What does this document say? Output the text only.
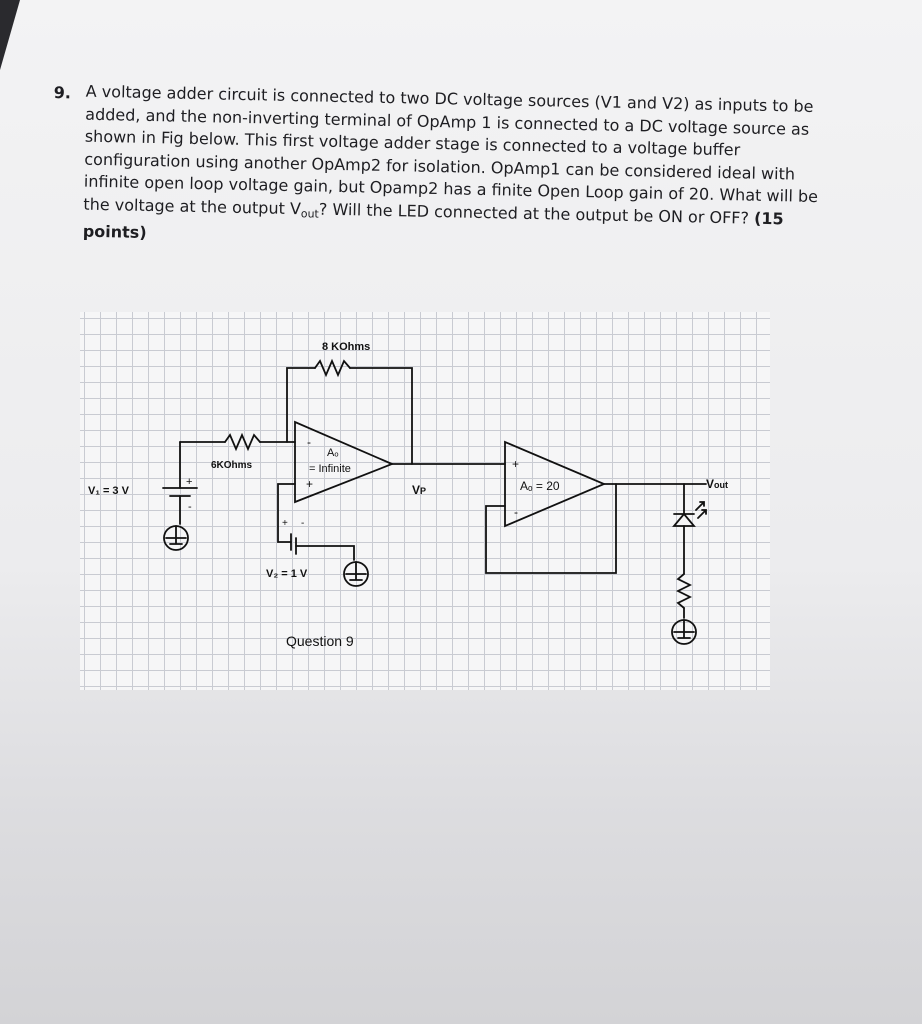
9. A voltage adder circuit is connected to two DC voltage sources (V1 and V2) as inputs to be added, and the non-inverting terminal of OpAmp 1 is connected to a DC voltage source as shown in Fig below. This first voltage adder stage is connected to a voltage buffer configuration using another OpAmp2 for isolation. OpAmp1 can be considered ideal with infinite open loop voltage gain, but Opamp2 has a finite Open Loop gain of 20. What will be the voltage at the output $V_{out}$? Will the LED connected at the output be ON or OFF? (15 points)
8 KOhms
6KOhms
Aₒ
= Infinite
-
+
V₁ = 3 V
+
-
+ -
V₂ = 1 V
VP
+
-
Aₒ = 20	Vout
Question 9
